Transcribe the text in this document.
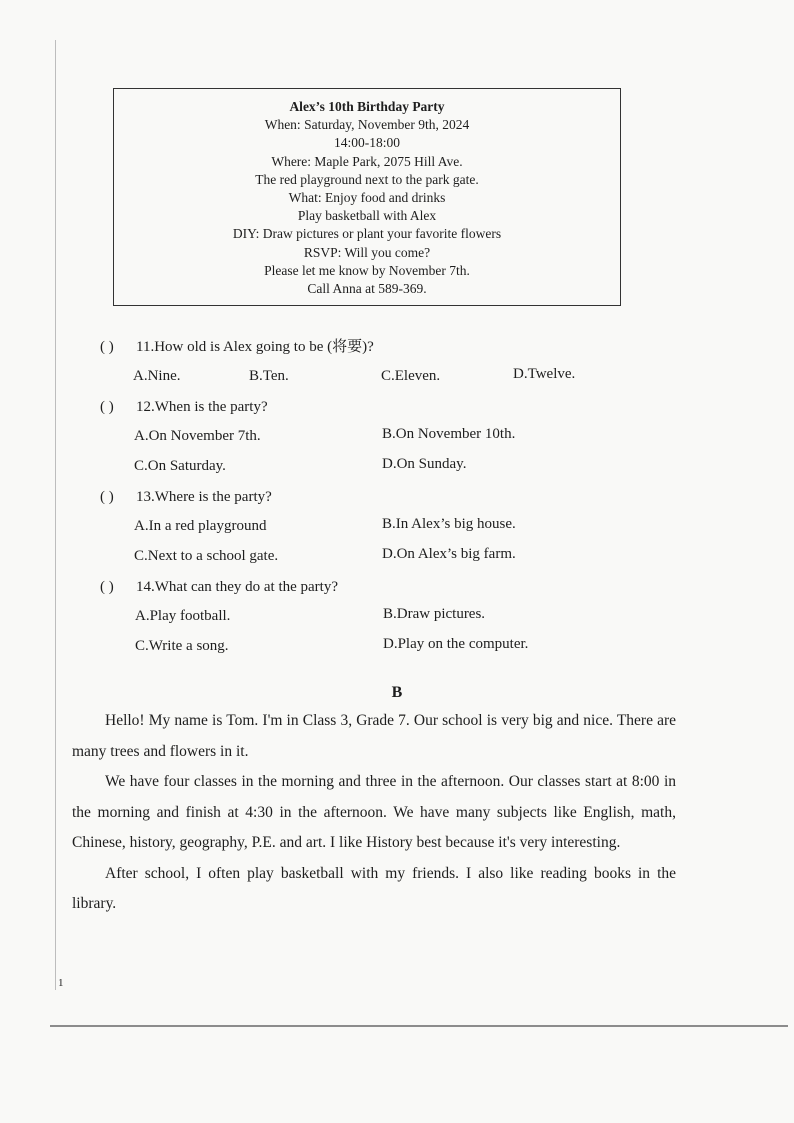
Alex’s 10th Birthday Party
When: Saturday, November 9th, 2024
14:00-18:00
Where: Maple Park, 2075 Hill Ave.
The red playground next to the park gate.
What: Enjoy food and drinks
Play basketball with Alex
DIY: Draw pictures or plant your favorite flowers
RSVP: Will you come?
Please let me know by November 7th.
Call Anna at 589-369.
( ) 11.How old is Alex going to be (将要)?
A.Nine.	B.Ten.	C.Eleven.	D.Twelve.
( ) 12.When is the party?
A.On November 7th.	B.On November 10th.
C.On Saturday.	D.On Sunday.
( ) 13.Where is the party?
A.In a red playground	B.In Alex’s big house.
C.Next to a school gate.	D.On Alex’s big farm.
( ) 14.What can they do at the party?
A.Play football.	B.Draw pictures.
C.Write a song.	D.Play on the computer.
B

Hello! My name is Tom. I'm in Class 3, Grade 7. Our school is very big and nice. There are many trees and flowers in it.

We have four classes in the morning and three in the afternoon. Our classes start at 8:00 in the morning and finish at 4:30 in the afternoon. We have many subjects like English, math, Chinese, history, geography, P.E. and art. I like History best because it's very interesting.

After school, I often play basketball with my friends. I also like reading books in the library.

1
